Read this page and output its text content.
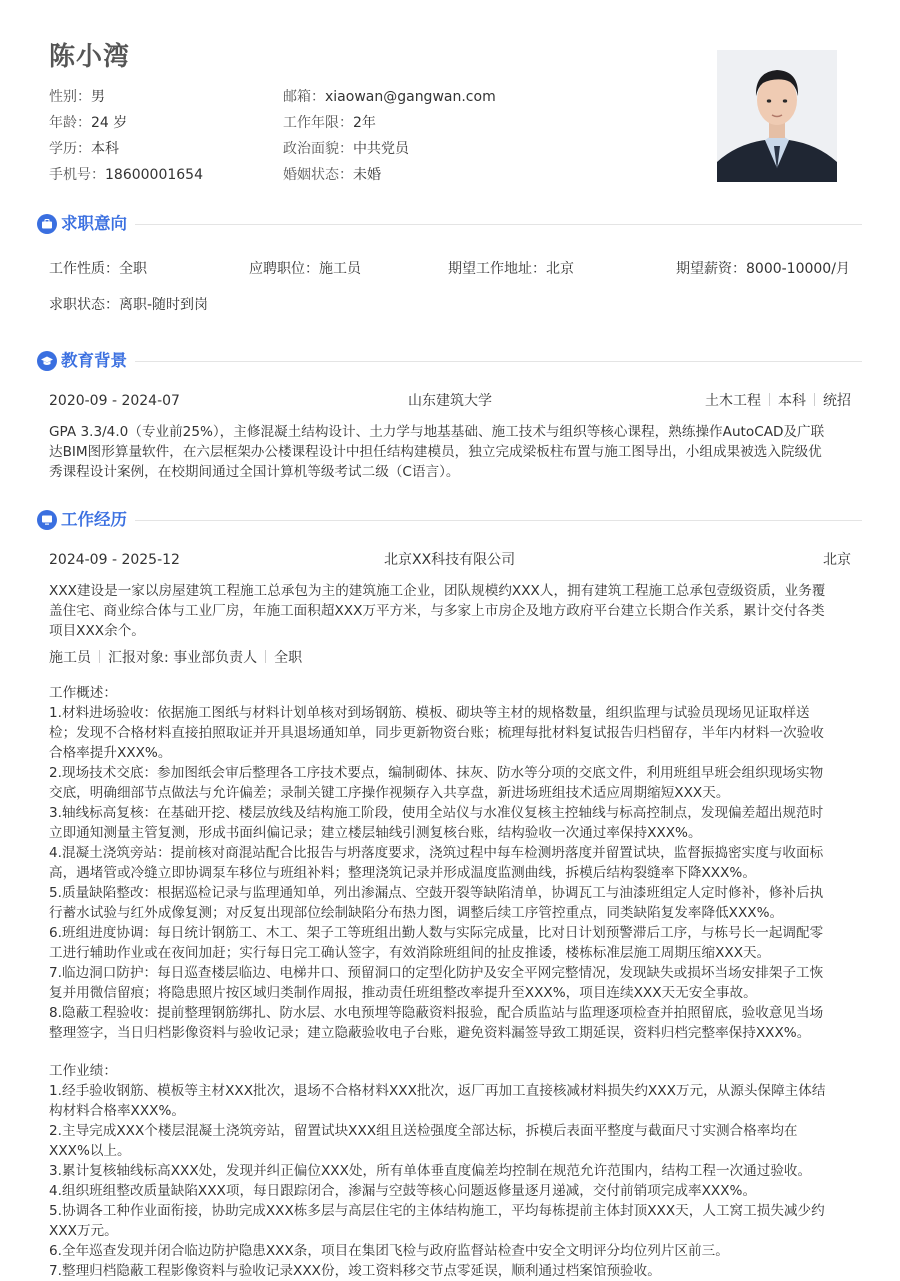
陈小湾
性别：男	邮箱：xiaowan@gangwan.com
年龄：24 岁	工作年限：2年
学历：本科	政治面貌：中共党员
手机号：18600001654	婚姻状态：未婚
求职意向
工作性质：全职	应聘职位：施工员	期望工作地址：北京	期望薪资：8000-10000/月
求职状态：离职-随时到岗
教育背景
2020-09 - 2024-07	山东建筑大学	土木工程 本科 统招
GPA 3.3/4.0（专业前25%），主修混凝土结构设计、土力学与地基基础、施工技术与组织等核心课程，熟练操作AutoCAD及广联
达BIM图形算量软件，在六层框架办公楼课程设计中担任结构建模员，独立完成梁板柱布置与施工图导出，小组成果被选入院级优
秀课程设计案例，在校期间通过全国计算机等级考试二级（C语言）。
工作经历
2024-09 - 2025-12	北京XX科技有限公司	北京
XXX建设是一家以房屋建筑工程施工总承包为主的建筑施工企业，团队规模约XXX人，拥有建筑工程施工总承包壹级资质，业务覆
盖住宅、商业综合体与工业厂房，年施工面积超XXX万平方米，与多家上市房企及地方政府平台建立长期合作关系，累计交付各类
项目XXX余个。
施工员 汇报对象: 事业部负责人 全职
工作概述：
1.材料进场验收：依据施工图纸与材料计划单核对到场钢筋、模板、砌块等主材的规格数量，组织监理与试验员现场见证取样送
检；发现不合格材料直接拍照取证并开具退场通知单，同步更新物资台账；梳理每批材料复试报告归档留存，半年内材料一次验收
合格率提升XXX%。
2.现场技术交底：参加图纸会审后整理各工序技术要点，编制砌体、抹灰、防水等分项的交底文件，利用班组早班会组织现场实物
交底，明确细部节点做法与允许偏差；录制关键工序操作视频存入共享盘，新进场班组技术适应周期缩短XXX天。
3.轴线标高复核：在基础开挖、楼层放线及结构施工阶段，使用全站仪与水准仪复核主控轴线与标高控制点，发现偏差超出规范时
立即通知测量主管复测，形成书面纠偏记录；建立楼层轴线引测复核台账，结构验收一次通过率保持XXX%。
4.混凝土浇筑旁站：提前核对商混站配合比报告与坍落度要求，浇筑过程中每车检测坍落度并留置试块，监督振捣密实度与收面标
高，遇堵管或冷缝立即协调泵车移位与班组补料；整理浇筑记录并形成温度监测曲线，拆模后结构裂缝率下降XXX%。
5.质量缺陷整改：根据巡检记录与监理通知单，列出渗漏点、空鼓开裂等缺陷清单，协调瓦工与油漆班组定人定时修补，修补后执
行蓄水试验与红外成像复测；对反复出现部位绘制缺陷分布热力图，调整后续工序管控重点，同类缺陷复发率降低XXX%。
6.班组进度协调：每日统计钢筋工、木工、架子工等班组出勤人数与实际完成量，比对日计划预警滞后工序，与栋号长一起调配零
工进行辅助作业或在夜间加赶；实行每日完工确认签字，有效消除班组间的扯皮推诿，楼栋标准层施工周期压缩XXX天。
7.临边洞口防护：每日巡查楼层临边、电梯井口、预留洞口的定型化防护及安全平网完整情况，发现缺失或损坏当场安排架子工恢
复并用微信留痕；将隐患照片按区域归类制作周报，推动责任班组整改率提升至XXX%，项目连续XXX天无安全事故。
8.隐蔽工程验收：提前整理钢筋绑扎、防水层、水电预埋等隐蔽资料报验，配合质监站与监理逐项检查并拍照留底，验收意见当场
整理签字，当日归档影像资料与验收记录；建立隐蔽验收电子台账，避免资料漏签导致工期延误，资料归档完整率保持XXX%。
工作业绩：
1.经手验收钢筋、模板等主材XXX批次，退场不合格材料XXX批次，返厂再加工直接核减材料损失约XXX万元，从源头保障主体结
构材料合格率XXX%。
2.主导完成XXX个楼层混凝土浇筑旁站，留置试块XXX组且送检强度全部达标，拆模后表面平整度与截面尺寸实测合格率均在
XXX%以上。
3.累计复核轴线标高XXX处，发现并纠正偏位XXX处，所有单体垂直度偏差均控制在规范允许范围内，结构工程一次通过验收。
4.组织班组整改质量缺陷XXX项，每日跟踪闭合，渗漏与空鼓等核心问题返修量逐月递减，交付前销项完成率XXX%。
5.协调各工种作业面衔接，协助完成XXX栋多层与高层住宅的主体结构施工，平均每栋提前主体封顶XXX天，人工窝工损失减少约
XXX万元。
6.全年巡查发现并闭合临边防护隐患XXX条，项目在集团飞检与政府监督站检查中安全文明评分均位列片区前三。
7.整理归档隐蔽工程影像资料与验收记录XXX份，竣工资料移交节点零延误，顺利通过档案馆预验收。
